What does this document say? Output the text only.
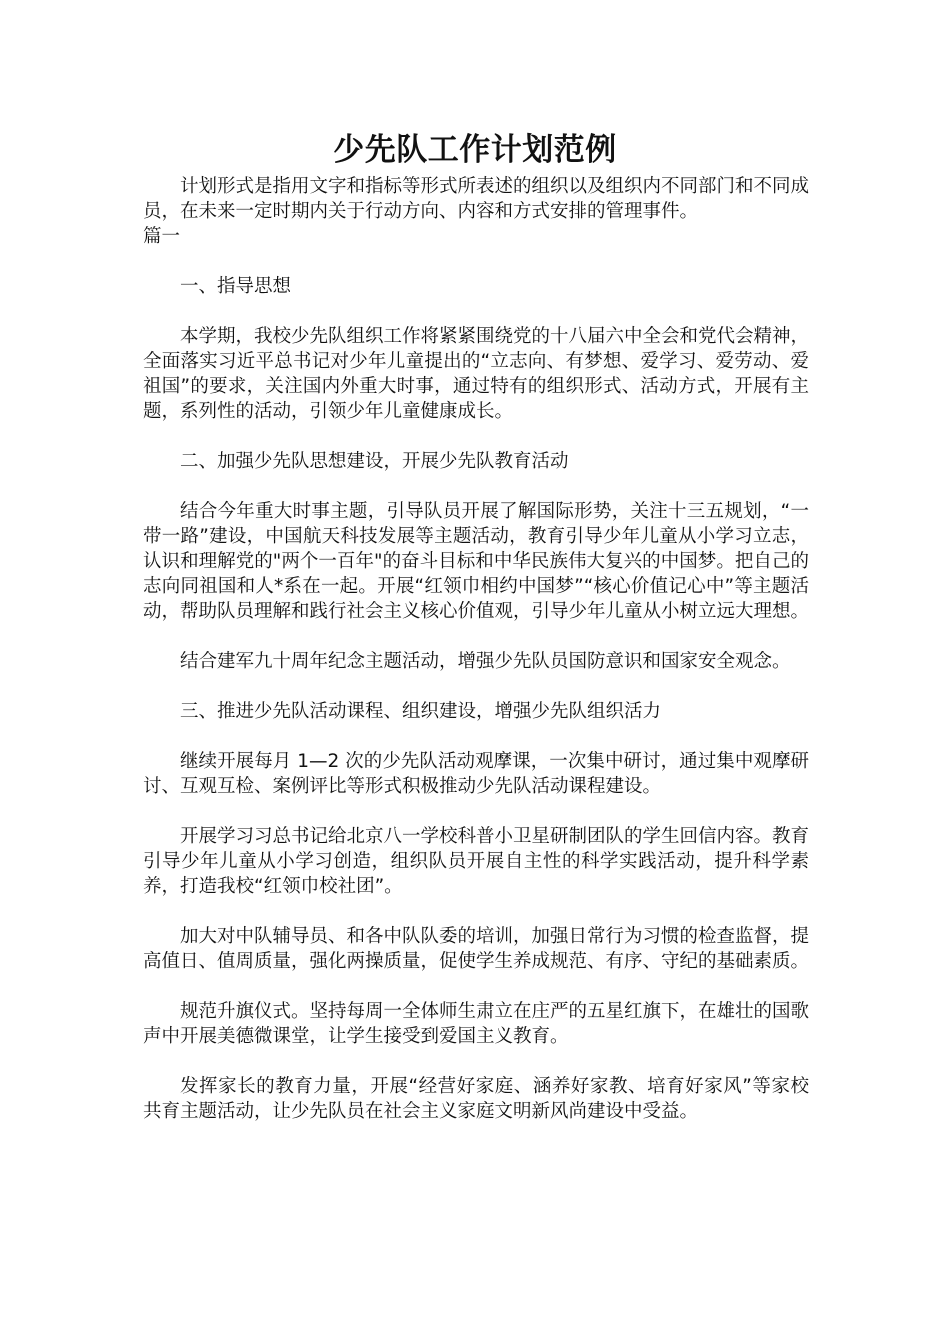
少先队工作计划范例

计划形式是指用文字和指标等形式所表述的组织以及组织内不同部门和不同成员，在未来一定时期内关于行动方向、内容和方式安排的管理事件。

篇一

一、指导思想

本学期，我校少先队组织工作将紧紧围绕党的十八届六中全会和党代会精神，全面落实习近平总书记对少年儿童提出的“立志向、有梦想、爱学习、爱劳动、爱祖国”的要求，关注国内外重大时事，通过特有的组织形式、活动方式，开展有主题，系列性的活动，引领少年儿童健康成长。

二、加强少先队思想建设，开展少先队教育活动

结合今年重大时事主题，引导队员开展了解国际形势，关注十三五规划，“一带一路”建设，中国航天科技发展等主题活动，教育引导少年儿童从小学习立志，认识和理解党的"两个一百年"的奋斗目标和中华民族伟大复兴的中国梦。把自己的志向同祖国和人*系在一起。开展“红领巾相约中国梦”“核心价值记心中”等主题活动，帮助队员理解和践行社会主义核心价值观，引导少年儿童从小树立远大理想。

结合建军九十周年纪念主题活动，增强少先队员国防意识和国家安全观念。

三、推进少先队活动课程、组织建设，增强少先队组织活力

继续开展每月 1—2 次的少先队活动观摩课，一次集中研讨，通过集中观摩研讨、互观互检、案例评比等形式积极推动少先队活动课程建设。

开展学习习总书记给北京八一学校科普小卫星研制团队的学生回信内容。教育引导少年儿童从小学习创造，组织队员开展自主性的科学实践活动，提升科学素养，打造我校“红领巾校社团”。

加大对中队辅导员、和各中队队委的培训，加强日常行为习惯的检查监督，提高值日、值周质量，强化两操质量，促使学生养成规范、有序、守纪的基础素质。

规范升旗仪式。坚持每周一全体师生肃立在庄严的五星红旗下，在雄壮的国歌声中开展美德微课堂，让学生接受到爱国主义教育。

发挥家长的教育力量，开展“经营好家庭、涵养好家教、培育好家风”等家校共育主题活动，让少先队员在社会主义家庭文明新风尚建设中受益。
